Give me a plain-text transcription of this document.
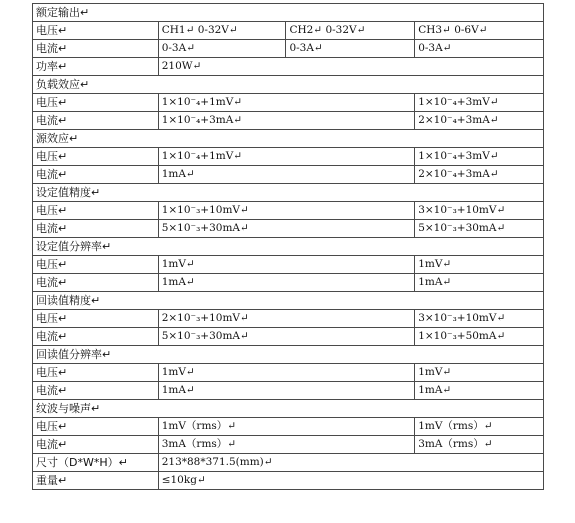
额定输出↵			
电压↵	CH1↵ 0-32V↵	CH2↵ 0-32V↵	CH3↵ 0-6V↵
电流↵	0-3A↵	0-3A↵	0-3A↵
功率↵	210W↵		
负载效应↵			
电压↵	1×10⁻₄+1mV↵		1×10⁻₄+3mV↵
电流↵	1×10⁻₄+3mA↵		2×10⁻₄+3mA↵
源效应↵			
电压↵	1×10⁻₄+1mV↵		1×10⁻₄+3mV↵
电流↵	1mA↵		2×10⁻₄+3mA↵
设定值精度↵			
电压↵	1×10⁻₃+10mV↵		3×10⁻₃+10mV↵
电流↵	5×10⁻₃+30mA↵		5×10⁻₃+30mA↵
设定值分辨率↵			
电压↵	1mV↵		1mV↵
电流↵	1mA↵		1mA↵
回读值精度↵			
电压↵	2×10⁻₃+10mV↵		3×10⁻₃+10mV↵
电流↵	5×10⁻₃+30mA↵		1×10⁻₃+50mA↵
回读值分辨率↵			
电压↵	1mV↵		1mV↵
电流↵	1mA↵		1mA↵
纹波与噪声↵			
电压↵	1mV（rms）↵		1mV（rms）↵
电流↵	3mA（rms）↵		3mA（rms）↵
尺寸（D*W*H）↵	213*88*371.5(mm)↵		
重量↵	≤10kg↵		
